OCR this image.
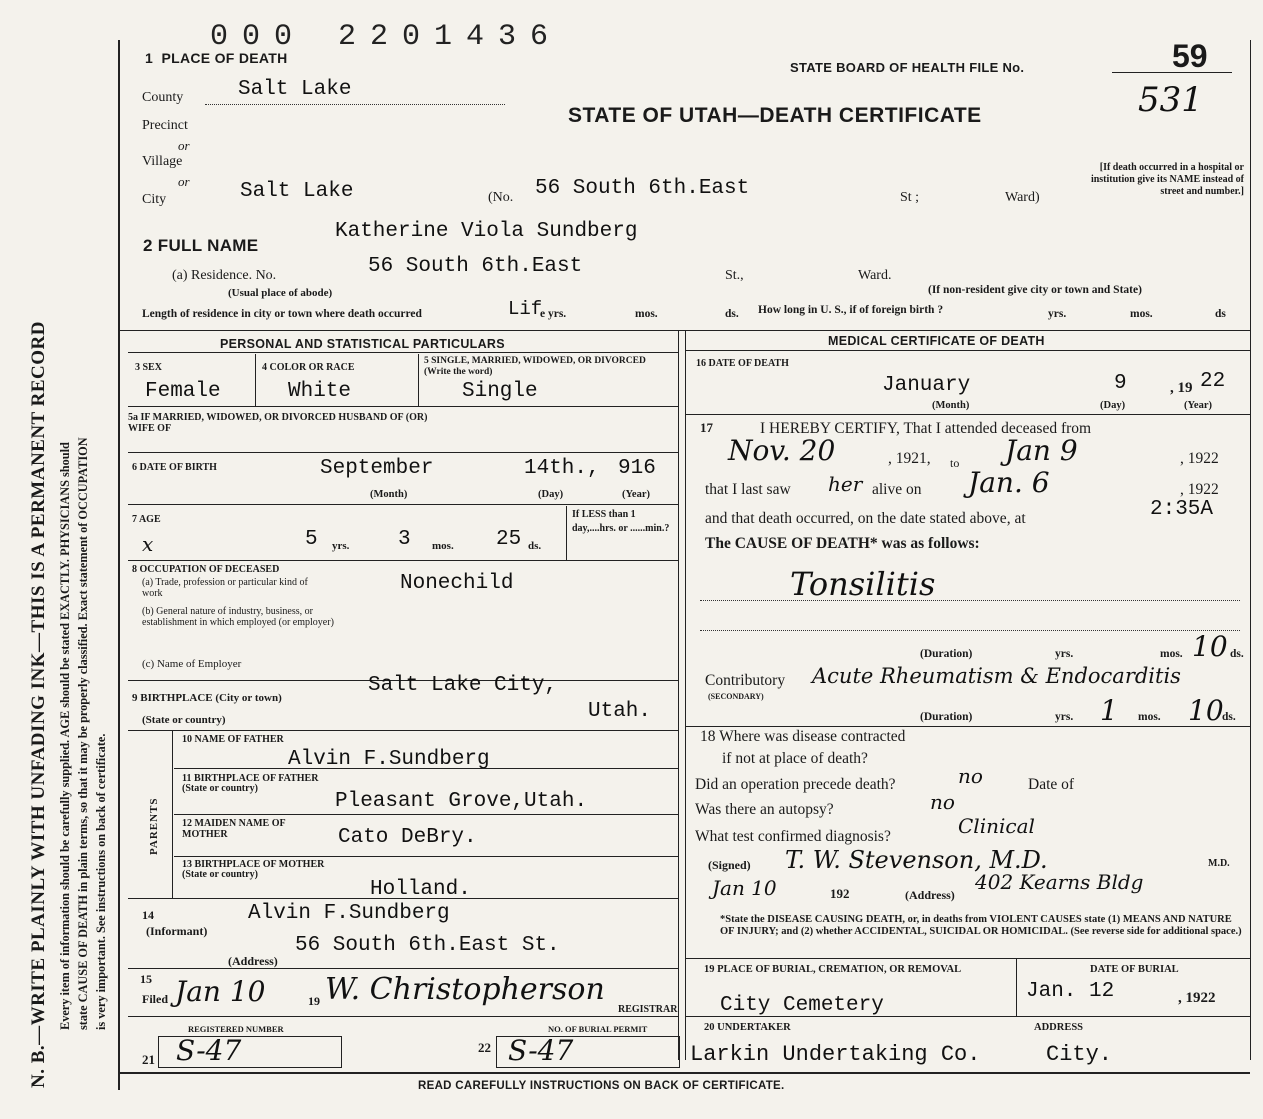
N. B.—WRITE PLAINLY WITH UNFADING INK—THIS IS A PERMANENT RECORD Every item of information should be carefully supplied. AGE should be stated EXACTLY. PHYSICIANS should state CAUSE OF DEATH in plain terms, so that it may be properly classified. Exact statement of OCCUPATION is very important. See instructions on back of certificate.
000 2201436
1 PLACE OF DEATH
STATE BOARD OF HEALTH FILE No.	59
531
STATE OF UTAH—DEATH CERTIFICATE
County	Salt Lake
Precinct
or
Village
or
City	Salt Lake	(No. 56 South 6th.East	St ;	Ward)
[If death occurred in a hospital or institution give its NAME instead of street and number.]
2 FULL NAME
Katherine Viola Sundberg
(a) Residence. No.	56 South 6th.East	St.,	Ward.
(Usual place of abode)	(If non-resident give city or town and State)
Length of residence in city or town where death occurred	Lif
e yrs.	mos.	ds. How long in U. S., if of foreign birth ?	yrs.	mos.	ds
PERSONAL AND STATISTICAL PARTICULARS
3 SEX
Female
4 COLOR OR RACE
White
5 SINGLE, MARRIED, WIDOWED, OR DIVORCED (Write the word)
Single
5a IF MARRIED, WIDOWED, OR DIVORCED HUSBAND OF (OR) WIFE OF
6 DATE OF BIRTH	September	14th., 916
(Month)	(Day)	(Year)
7 AGE
x	5 yrs. 3 mos. 25 ds.
If LESS than 1 day,....hrs. or ......min.?
8 OCCUPATION OF DECEASED
(a) Trade, profession or particular kind of work	Nonechild
(b) General nature of industry, business, or establishment in which employed (or employer)
(c) Name of Employer
9 BIRTHPLACE (City or town)
Salt Lake City,
(State or country)	Utah.
PARENTS
10 NAME OF FATHER
Alvin F.Sundberg
11 BIRTHPLACE OF FATHER (State or country)
Pleasant Grove,Utah.
12 MAIDEN NAME OF MOTHER	Cato DeBry.
13 BIRTHPLACE OF MOTHER (State or country)
Holland.
14	Alvin F.Sundberg
(Informant)
56 South 6th.East St.
(Address)
15
Filed Jan 10	19 W. Christopherson
REGISTRAR
REGISTERED NUMBER	NO. OF BURIAL PERMIT
21 S-47	22 S-47
MEDICAL CERTIFICATE OF DEATH
16 DATE OF DEATH
January	9	, 19 22
(Month)	(Day)	(Year)
17	I HEREBY CERTIFY, That I attended deceased from
Nov. 20	, 1921, to Jan 9	, 1922
that I last saw her alive on Jan. 6	, 1922
and that death occurred, on the date stated above, at	2:35A
The CAUSE OF DEATH* was as follows:
Tonsilitis
(Duration)	yrs.	mos. 10 ds.
Contributory
(SECONDARY)
Acute Rheumatism & Endocarditis
(Duration)	yrs. 1 mos. 10
ds.
18 Where was disease contracted
if not at place of death?
Did an operation precede death?	no	Date of
Was there an autopsy?	no
What test confirmed diagnosis?	Clinical
(Signed) T. W. Stevenson, M.D.	M.D.
Jan 10	192	(Address)
402 Kearns Bldg
*State the DISEASE CAUSING DEATH, or, in deaths from VIOLENT CAUSES state (1) MEANS AND NATURE OF INJURY; and (2) whether ACCIDENTAL, SUICIDAL OR HOMICIDAL. (See reverse side for additional space.)
19 PLACE OF BURIAL, CREMATION, OR REMOVAL
City Cemetery
DATE OF BURIAL
Jan. 12	, 1922
20 UNDERTAKER	ADDRESS
Larkin Undertaking Co.	City.
READ CAREFULLY INSTRUCTIONS ON BACK OF CERTIFICATE.
